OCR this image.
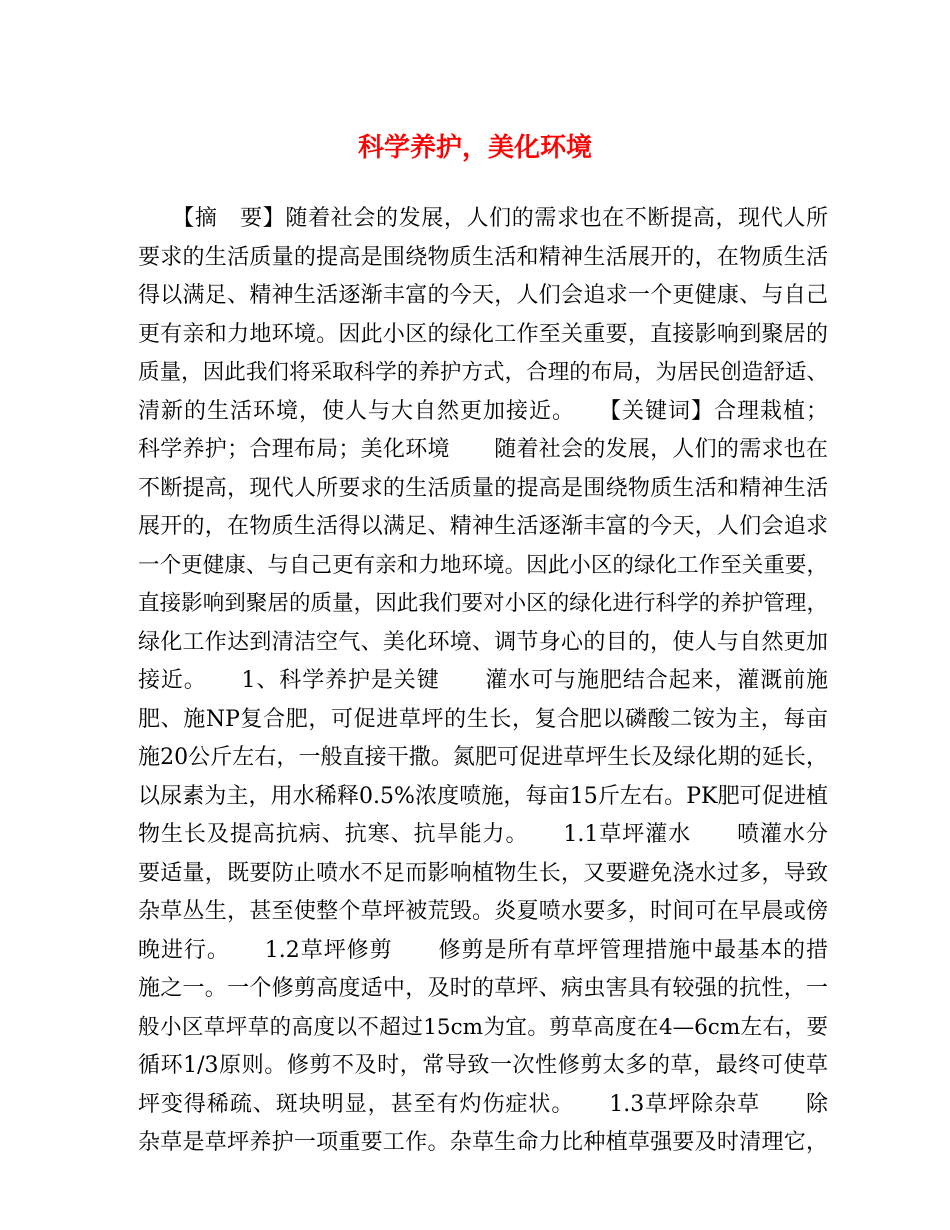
科学养护，美化环境
　　【摘　要】随着社会的发展，人们的需求也在不断提高，现代人所
要求的生活质量的提高是围绕物质生活和精神生活展开的，在物质生活
得以满足、精神生活逐渐丰富的今天，人们会追求一个更健康、与自己
更有亲和力地环境。因此小区的绿化工作至关重要，直接影响到聚居的
质量，因此我们将采取科学的养护方式，合理的布局，为居民创造舒适、
清新的生活环境，使人与大自然更加接近。　　【关键词】合理栽植；
科学养护；合理布局；美化环境　　随着社会的发展，人们的需求也在
不断提高，现代人所要求的生活质量的提高是围绕物质生活和精神生活
展开的，在物质生活得以满足、精神生活逐渐丰富的今天，人们会追求
一个更健康、与自己更有亲和力地环境。因此小区的绿化工作至关重要，
直接影响到聚居的质量，因此我们要对小区的绿化进行科学的养护管理，
绿化工作达到清洁空气、美化环境、调节身心的目的，使人与自然更加
接近。　　1、科学养护是关键　　灌水可与施肥结合起来，灌溉前施
肥、施NP复合肥，可促进草坪的生长，复合肥以磷酸二铵为主，每亩
施20公斤左右，一般直接干撒。氮肥可促进草坪生长及绿化期的延长，
以尿素为主，用水稀释0.5%浓度喷施，每亩15斤左右。PK肥可促进植
物生长及提高抗病、抗寒、抗旱能力。　　1.1草坪灌水　　喷灌水分
要适量，既要防止喷水不足而影响植物生长，又要避免浇水过多，导致
杂草丛生，甚至使整个草坪被荒毁。炎夏喷水要多，时间可在早晨或傍
晚进行。　　1.2草坪修剪　　修剪是所有草坪管理措施中最基本的措
施之一。一个修剪高度适中，及时的草坪、病虫害具有较强的抗性，一
般小区草坪草的高度以不超过15cm为宜。剪草高度在4—6cm左右，要
循环1/3原则。修剪不及时，常导致一次性修剪太多的草，最终可使草
坪变得稀疏、斑块明显，甚至有灼伤症状。　　1.3草坪除杂草　　除
杂草是草坪养护一项重要工作。杂草生命力比种植草强要及时清理它，
